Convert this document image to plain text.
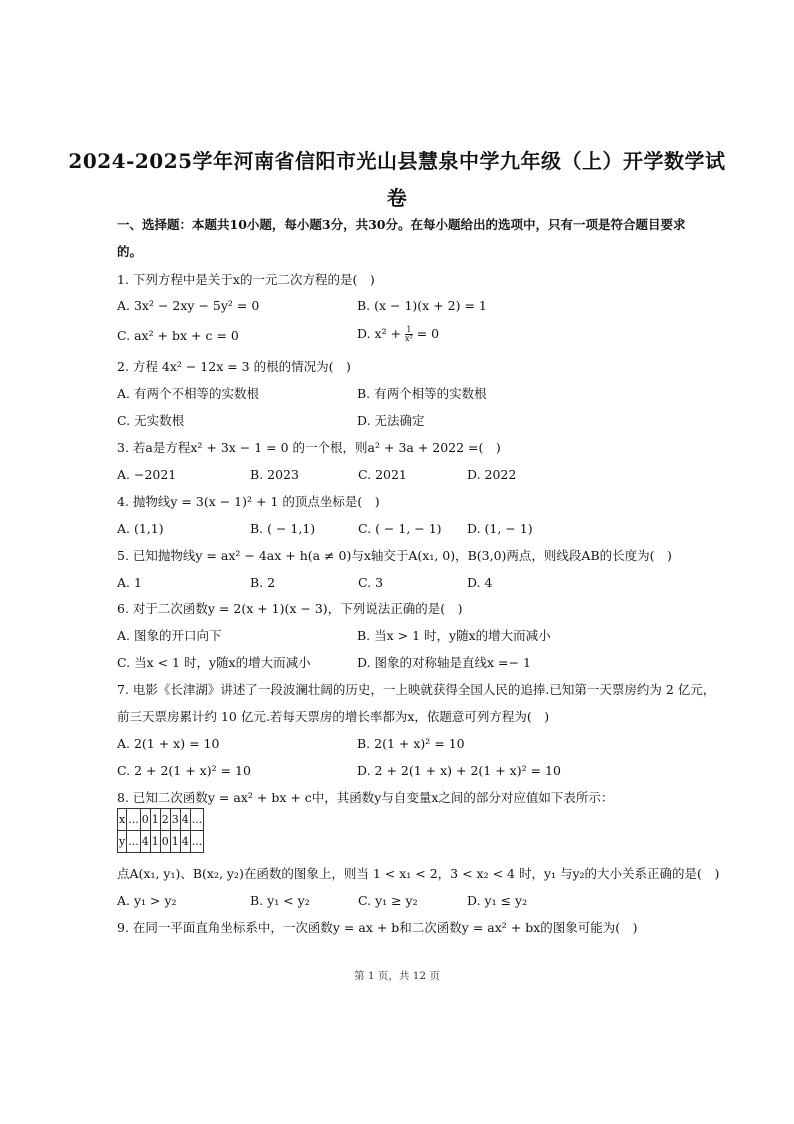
2024-2025学年河南省信阳市光山县慧泉中学九年级（上）开学数学试
卷
一、选择题：本题共10小题，每小题3分，共30分。在每小题给出的选项中，只有一项是符合题目要求
的。
1. 下列方程中是关于x的一元二次方程的是(　)
A. 3x² − 2xy − 5y² = 0	B. (x − 1)(x + 2) = 1
C. ax² + bx + c = 0	D. $x^2 + \frac{1}{\text{x²}} = 0$
2. 方程 4x² − 12x = 3 的根的情况为(　)
A. 有两个不相等的实数根	B. 有两个相等的实数根
C. 无实数根	D. 无法确定
3. 若a是方程x² + 3x − 1 = 0 的一个根，则a² + 3a + 2022 =(　)
A. −2021	B. 2023	C. 2021	D. 2022
4. 抛物线y = 3(x − 1)² + 1 的顶点坐标是(　)
A. (1,1)	B. ( − 1,1)	C. ( − 1, − 1) D. (1, − 1)
5. 已知抛物线y = ax² − 4ax + h(a ≠ 0)与x轴交于A(x₁, 0)，B(3,0)两点，则线段AB的长度为(　)
A. 1	B. 2	C. 3	D. 4
6. 对于二次函数y = 2(x + 1)(x − 3)，下列说法正确的是(　)
A. 图象的开口向下	B. 当x > 1 时，y随x的增大而减小
C. 当x < 1 时，y随x的增大而减小	D. 图象的对称轴是直线x =− 1
7. 电影《长津湖》讲述了一段波澜壮阔的历史，一上映就获得全国人民的追捧.已知第一天票房约为 2 亿元，
前三天票房累计约 10 亿元.若每天票房的增长率都为x，依题意可列方程为(　)
A. 2(1 + x) = 10	B. 2(1 + x)² = 10
C. 2 + 2(1 + x)² = 10	D. 2 + 2(1 + x) + 2(1 + x)² = 10
8. 已知二次函数y = ax² + bx + c中，其函数y与自变量x之间的部分对应值如下表所示：
x	...	0	1	2	3	4	...
y	...	4	1	0	1	4	...
点A(x₁, y₁)、B(x₂, y₂)在函数的图象上，则当 1 < x₁ < 2，3 < x₂ < 4 时，y₁ 与y₂的大小关系正确的是(　)
A. y₁ > y₂	B. y₁ < y₂	C. y₁ ≥ y₂	D. y₁ ≤ y₂
9. 在同一平面直角坐标系中，一次函数y = ax + b和二次函数y = ax² + bx的图象可能为(　)
第 1 页，共 12 页
